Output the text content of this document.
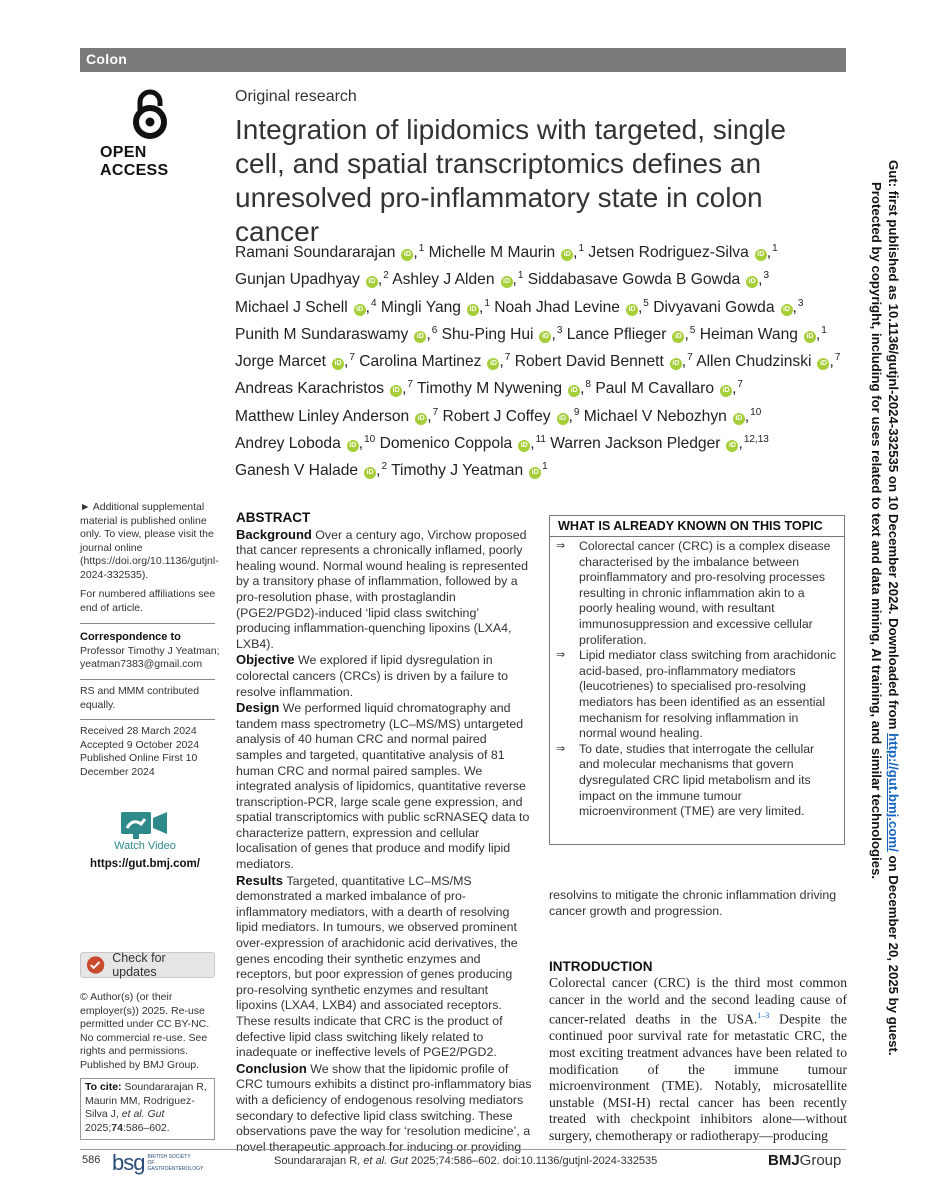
Colon
OPEN ACCESS
Original research
Integration of lipidomics with targeted, single cell, and spatial transcriptomics defines an unresolved pro-inflammatory state in colon cancer
Ramani Soundararajan iD ,$^1$ Michelle M Maurin iD ,$^1$ Jetsen Rodriguez-Silva iD ,$^1$ Gunjan Upadhyay iD ,$^2$ Ashley J Alden iD ,$^1$ Siddabasave Gowda B Gowda iD ,$^3$ Michael J Schell iD ,$^4$ Mingli Yang iD ,$^1$ Noah Jhad Levine iD ,$^5$ Divyavani Gowda iD ,$^3$ Punith M Sundaraswamy iD ,$^6$ Shu-Ping Hui iD ,$^3$ Lance Pflieger iD ,$^5$ Heiman Wang iD ,$^1$ Jorge Marcet iD ,$^7$ Carolina Martinez iD ,$^7$ Robert David Bennett iD ,$^7$ Allen Chudzinski iD ,$^7$ Andreas Karachristos iD ,$^7$ Timothy M Nywening iD ,$^8$ Paul M Cavallaro iD ,$^7$ Matthew Linley Anderson iD ,$^7$ Robert J Coffey iD ,$^9$ Michael V Nebozhyn iD ,$^{10}$ Andrey Loboda iD ,$^{10}$ Domenico Coppola iD ,$^{11}$ Warren Jackson Pledger iD ,$^{12,13}$ Ganesh V Halade iD ,$^2$ Timothy J Yeatman iD$^1$

► Additional supplemental material is published online only. To view, please visit the journal online (https://doi.org/10.1136/gutjnl-2024-332535).

For numbered affiliations see end of article.

Correspondence to

Professor Timothy J Yeatman; yeatman7383@gmail.com

RS and MMM contributed equally.

Received 28 March 2024

Accepted 9 October 2024

Published Online First 10 December 2024

Watch Video
https://gut.bmj.com/
Check for updates

© Author(s) (or their employer(s)) 2025. Re-use permitted under CC BY-NC. No commercial re-use. See rights and permissions. Published by BMJ Group.

To cite: Soundararajan R, Maurin MM, Rodriguez-Silva J, et al. Gut 2025;74:586–602.
ABSTRACT

Background Over a century ago, Virchow proposed that cancer represents a chronically inflamed, poorly healing wound. Normal wound healing is represented by a transitory phase of inflammation, followed by a pro-resolution phase, with prostaglandin (PGE2/PGD2)-induced ‘lipid class switching’ producing inflammation-quenching lipoxins (LXA4, LXB4).

Objective We explored if lipid dysregulation in colorectal cancers (CRCs) is driven by a failure to resolve inflammation.

Design We performed liquid chromatography and tandem mass spectrometry (LC–MS/MS) untargeted analysis of 40 human CRC and normal paired samples and targeted, quantitative analysis of 81 human CRC and normal paired samples. We integrated analysis of lipidomics, quantitative reverse transcription-PCR, large scale gene expression, and spatial transcriptomics with public scRNASEQ data to characterize pattern, expression and cellular localisation of genes that produce and modify lipid mediators.

Results Targeted, quantitative LC–MS/MS demonstrated a marked imbalance of pro-inflammatory mediators, with a dearth of resolving lipid mediators. In tumours, we observed prominent over-expression of arachidonic acid derivatives, the genes encoding their synthetic enzymes and receptors, but poor expression of genes producing pro-resolving synthetic enzymes and resultant lipoxins (LXA4, LXB4) and associated receptors. These results indicate that CRC is the product of defective lipid class switching likely related to inadequate or ineffective levels of PGE2/PGD2.

Conclusion We show that the lipidomic profile of CRC tumours exhibits a distinct pro-inflammatory bias with a deficiency of endogenous resolving mediators secondary to defective lipid class switching. These observations pave the way for ‘resolution medicine’, a novel therapeutic approach for inducing or providing

WHAT IS ALREADY KNOWN ON THIS TOPIC
⇒ Colorectal cancer (CRC) is a complex disease characterised by the imbalance between proinflammatory and pro-resolving processes resulting in chronic inflammation akin to a poorly healing wound, with resultant immunosuppression and excessive cellular proliferation.
⇒ Lipid mediator class switching from arachidonic acid-based, pro-inflammatory mediators (leucotrienes) to specialised pro-resolving mediators has been identified as an essential mechanism for resolving inflammation in normal wound healing.
⇒ To date, studies that interrogate the cellular and molecular mechanisms that govern dysregulated CRC lipid metabolism and its impact on the immune tumour microenvironment (TME) are very limited.

resolvins to mitigate the chronic inflammation driving cancer growth and progression.

INTRODUCTION

Colorectal cancer (CRC) is the third most common cancer in the world and the second leading cause of cancer-related deaths in the USA.$^{1-3}$ Despite the continued poor survival rate for metastatic CRC, the most exciting treatment advances have been related to modification of the immune tumour microenvironment (TME). Notably, microsatellite unstable (MSI-H) rectal cancer has been recently treated with checkpoint inhibitors alone—without surgery, chemotherapy or radiotherapy—producing

586 bsg BRITISH SOCIETY OF GASTROENTEROLOGY
Soundararajan R, et al. Gut 2025;74:586–602. doi:10.1136/gutjnl-2024-332535	BMJGroup
Gut: first published as 10.1136/gutjnl-2024-332535 on 10 December 2024. Downloaded from http://gut.bmj.com/ on December 20, 2025 by guest.
Protected by copyright, including for uses related to text and data mining, AI training, and similar technologies.
